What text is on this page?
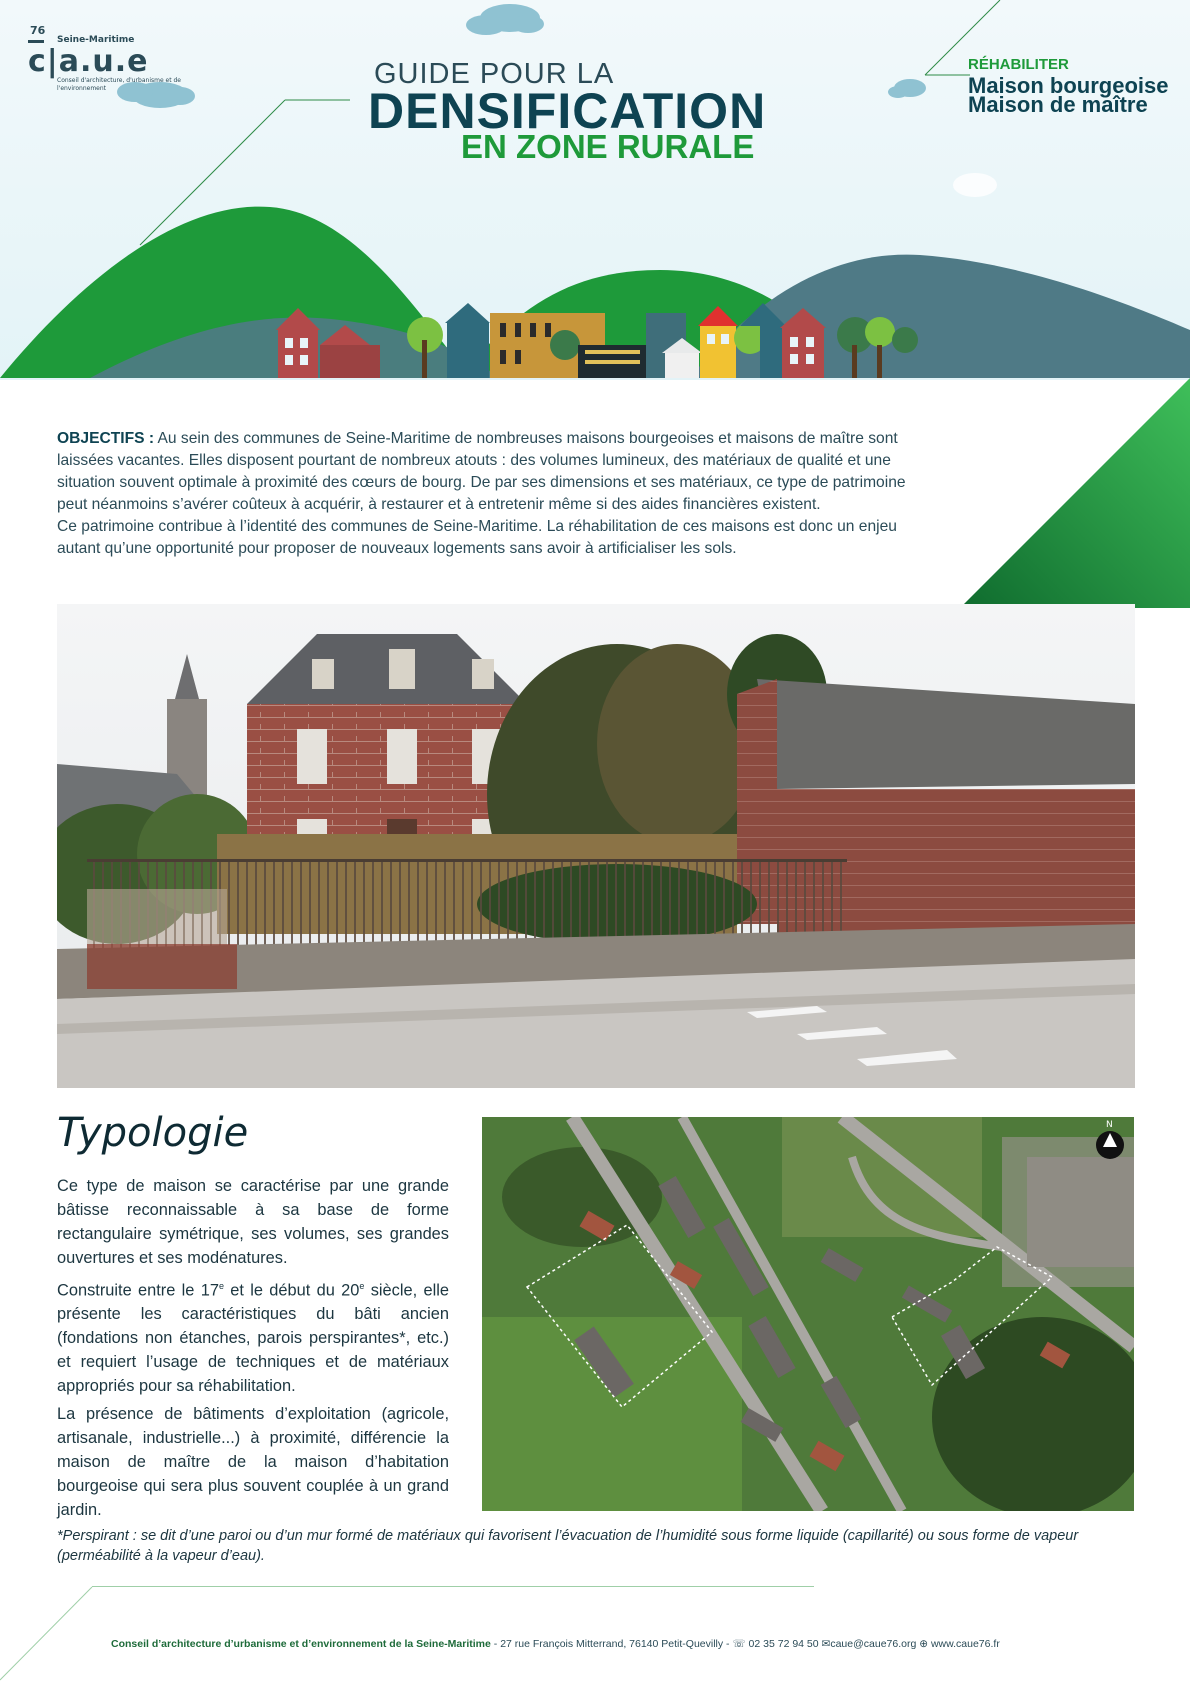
76
Seine-Maritime
c|a.u.e
Conseil d'architecture, d'urbanisme et de l'environnement	GUIDE POUR LA
DENSIFICATION
EN ZONE RURALE
RÉHABILITER
Maison bourgeoise
Maison de maître
OBJECTIFS : Au sein des communes de Seine-Maritime de nombreuses maisons bourgeoises et maisons de maître sont laissées vacantes. Elles disposent pourtant de nombreux atouts : des volumes lumineux, des matériaux de qualité et une situation souvent optimale à proximité des cœurs de bourg. De par ses dimensions et ses matériaux, ce type de patrimoine peut néanmoins s’avérer coûteux à acquérir, à restaurer et à entretenir même si des aides financières existent.
Ce patrimoine contribue à l’identité des communes de Seine-Maritime. La réhabilitation de ces maisons est donc un enjeu autant qu’une opportunité pour proposer de nouveaux logements sans avoir à artificialiser les sols.
Typologie
Ce type de maison se caractérise par une grande bâtisse reconnaissable à sa base de forme rectangulaire symétrique, ses volumes, ses grandes ouvertures et ses modénatures.
Construite entre le 17e et le début du 20e siècle, elle présente les caractéristiques du bâti ancien (fondations non étanches, parois perspirantes*, etc.) et requiert l’usage de techniques et de matériaux appropriés pour sa réhabilitation.
La présence de bâtiments d’exploitation (agricole, artisanale, industrielle...) à proximité, différencie la maison de maître de la maison d’habitation bourgeoise qui sera plus souvent couplée à un grand jardin.
N
*Perspirant : se dit d’une paroi ou d’un mur formé de matériaux qui favorisent l’évacuation de l’humidité sous forme liquide (capillarité) ou sous forme de vapeur (perméabilité à la vapeur d’eau).
Conseil d’architecture d’urbanisme et d’environnement de la Seine-Maritime - 27 rue François Mitterrand, 76140 Petit-Quevilly - ☏ 02 35 72 94 50 ✉caue@caue76.org ⊕ www.caue76.fr
